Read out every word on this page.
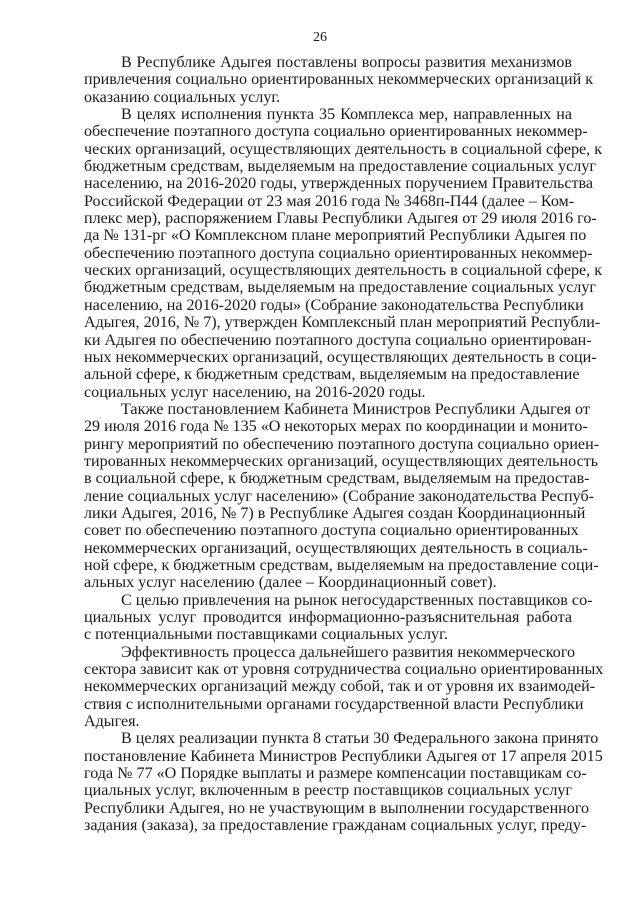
26
В Республике Адыгея поставлены вопросы развития механизмов
привлечения социально ориентированных некоммерческих организаций к
оказанию социальных услуг.
В целях исполнения пункта 35 Комплекса мер, направленных на
обеспечение поэтапного доступа социально ориентированных некоммер-
ческих организаций, осуществляющих деятельность в социальной сфере, к
бюджетным средствам, выделяемым на предоставление социальных услуг
населению, на 2016-2020 годы, утвержденных поручением Правительства
Российской Федерации от 23 мая 2016 года № 3468п-П44 (далее – Ком-
плекс мер), распоряжением Главы Республики Адыгея от 29 июля 2016 го-
да № 131-рг «О Комплексном плане мероприятий Республики Адыгея по
обеспечению поэтапного доступа социально ориентированных некоммер-
ческих организаций, осуществляющих деятельность в социальной сфере, к
бюджетным средствам, выделяемым на предоставление социальных услуг
населению, на 2016-2020 годы» (Собрание законодательства Республики
Адыгея, 2016, № 7), утвержден Комплексный план мероприятий Республи-
ки Адыгея по обеспечению поэтапного доступа социально ориентирован-
ных некоммерческих организаций, осуществляющих деятельность в соци-
альной сфере, к бюджетным средствам, выделяемым на предоставление
социальных услуг населению, на 2016-2020 годы.
Также постановлением Кабинета Министров Республики Адыгея от
29 июля 2016 года № 135 «О некоторых мерах по координации и монито-
рингу мероприятий по обеспечению поэтапного доступа социально ориен-
тированных некоммерческих организаций, осуществляющих деятельность
в социальной сфере, к бюджетным средствам, выделяемым на предостав-
ление социальных услуг населению» (Собрание законодательства Респуб-
лики Адыгея, 2016, № 7) в Республике Адыгея создан Координационный
совет по обеспечению поэтапного доступа социально ориентированных
некоммерческих организаций, осуществляющих деятельность в социаль-
ной сфере, к бюджетным средствам, выделяемым на предоставление соци-
альных услуг населению (далее – Координационный совет).
С целью привлечения на рынок негосударственных поставщиков со-
циальных услуг проводится информационно-разъяснительная работа
с потенциальными поставщиками социальных услуг.
Эффективность процесса дальнейшего развития некоммерческого
сектора зависит как от уровня сотрудничества социально ориентированных
некоммерческих организаций между собой, так и от уровня их взаимодей-
ствия с исполнительными органами государственной власти Республики
Адыгея.
В целях реализации пункта 8 статьи 30 Федерального закона принято
постановление Кабинета Министров Республики Адыгея от 17 апреля 2015
года № 77 «О Порядке выплаты и размере компенсации поставщикам со-
циальных услуг, включенным в реестр поставщиков социальных услуг
Республики Адыгея, но не участвующим в выполнении государственного
задания (заказа), за предоставление гражданам социальных услуг, преду-
